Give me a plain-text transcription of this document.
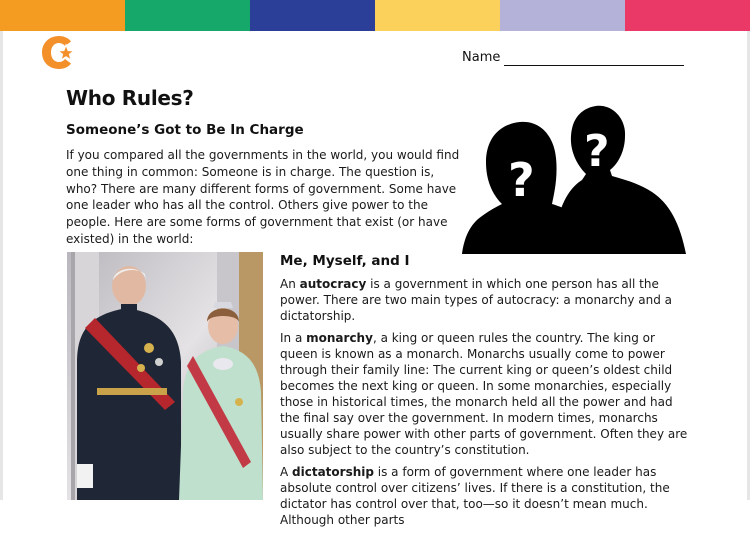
Name
Who Rules?
Someone’s Got to Be In Charge

If you compared all the governments in the world, you would find one thing in common: Someone is in charge. The question is, who? There are many different forms of government. Some have one leader who has all the control. Others give power to the people. Here are some forms of government that exist (or have existed) in the world:

?
?
Me, Myself, and I

An autocracy is a government in which one person has all the power. There are two main types of autocracy: a monarchy and a dictatorship.

In a monarchy, a king or queen rules the country. The king or queen is known as a monarch. Monarchs usually come to power through their family line: The current king or queen’s oldest child becomes the next king or queen. In some monarchies, especially those in historical times, the monarch held all the power and had the final say over the government. In modern times, monarchs usually share power with other parts of government. Often they are also subject to the country’s constitution.

A dictatorship is a form of government where one leader has absolute control over citizens’ lives. If there is a constitution, the dictator has control over that, too—so it doesn’t mean much. Although other parts
